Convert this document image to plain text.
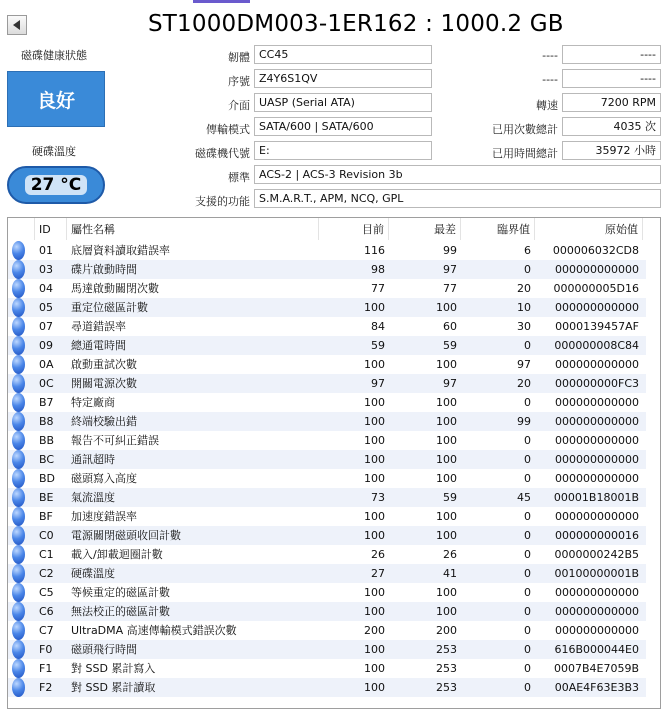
ST1000DM003-1ER162 : 1000.2 GB
磁碟健康狀態
良好
硬碟溫度
27 °C
韌體 CC45
序號 Z4Y6S1QV
介面 UASP (Serial ATA)
傳輸模式 SATA/600 | SATA/600
磁碟機代號 E:
標準 ACS-2 | ACS-3 Revision 3b
支援的功能 S.M.A.R.T., APM, NCQ, GPL
----	----
----	----
轉速	7200 RPM
已用次數總計	4035 次
已用時間總計	35972 小時
ID	屬性名稱	目前	最差	臨界值	原始值
01	底層資料讀取錯誤率	116	99	6	000006032CD8
03	碟片啟動時間	98	97	0	000000000000
04	馬達啟動關閉次數	77	77	20	000000005D16
05	重定位磁區計數	100	100	10	000000000000
07	尋道錯誤率	84	60	30	0000139457AF
09	總通電時間	59	59	0	000000008C84
0A	啟動重試次數	100	100	97	000000000000
0C	開關電源次數	97	97	20	000000000FC3
B7	特定廠商	100	100	0	000000000000
B8	終端校驗出錯	100	100	99	000000000000
BB	報告不可糾正錯誤	100	100	0	000000000000
BC	通訊超時	100	100	0	000000000000
BD	磁頭寫入高度	100	100	0	000000000000
BE	氣流溫度	73	59	45	00001B18001B
BF	加速度錯誤率	100	100	0	000000000000
C0	電源關閉磁頭收回計數	100	100	0	000000000016
C1	載入/卸載迴圈計數	26	26	0	0000000242B5
C2	硬碟溫度	27	41	0	00100000001B
C5	等候重定的磁區計數	100	100	0	000000000000
C6	無法校正的磁區計數	100	100	0	000000000000
C7	UltraDMA 高速傳輸模式錯誤次數	200	200	0	000000000000
F0	磁頭飛行時間	100	253	0	616B000044E0
F1	對 SSD 累計寫入	100	253	0	0007B4E7059B
F2	對 SSD 累計讀取	100	253	0	00AE4F63E3B3
